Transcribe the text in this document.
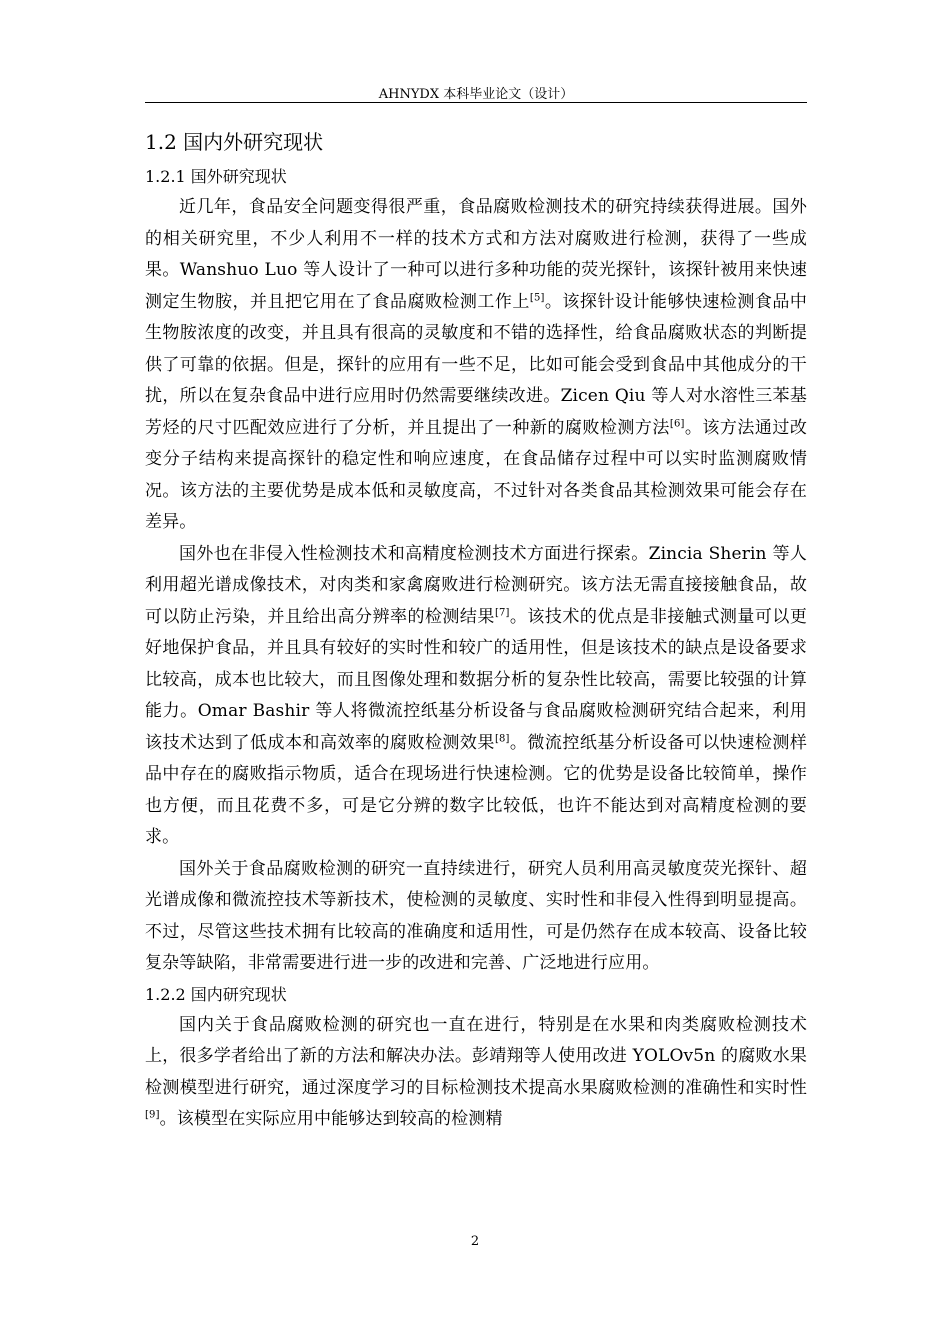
AHNYDX 本科毕业论文（设计）
1.2 国内外研究现状
1.2.1 国外研究现状

近几年，食品安全问题变得很严重，食品腐败检测技术的研究持续获得进展。国外的相关研究里，不少人利用不一样的技术方式和方法对腐败进行检测，获得了一些成果。Wanshuo Luo 等人设计了一种可以进行多种功能的荧光探针，该探针被用来快速测定生物胺，并且把它用在了食品腐败检测工作上[5]。该探针设计能够快速检测食品中生物胺浓度的改变，并且具有很高的灵敏度和不错的选择性，给食品腐败状态的判断提供了可靠的依据。但是，探针的应用有一些不足，比如可能会受到食品中其他成分的干扰，所以在复杂食品中进行应用时仍然需要继续改进。Zicen Qiu 等人对水溶性三苯基芳烃的尺寸匹配效应进行了分析，并且提出了一种新的腐败检测方法[6]。该方法通过改变分子结构来提高探针的稳定性和响应速度，在食品储存过程中可以实时监测腐败情况。该方法的主要优势是成本低和灵敏度高，不过针对各类食品其检测效果可能会存在差异。

国外也在非侵入性检测技术和高精度检测技术方面进行探索。Zincia Sherin 等人利用超光谱成像技术，对肉类和家禽腐败进行检测研究。该方法无需直接接触食品，故可以防止污染，并且给出高分辨率的检测结果[7]。该技术的优点是非接触式测量可以更好地保护食品，并且具有较好的实时性和较广的适用性，但是该技术的缺点是设备要求比较高，成本也比较大，而且图像处理和数据分析的复杂性比较高，需要比较强的计算能力。Omar Bashir 等人将微流控纸基分析设备与食品腐败检测研究结合起来，利用该技术达到了低成本和高效率的腐败检测效果[8]。微流控纸基分析设备可以快速检测样品中存在的腐败指示物质，适合在现场进行快速检测。它的优势是设备比较简单，操作也方便，而且花费不多，可是它分辨的数字比较低，也许不能达到对高精度检测的要求。

国外关于食品腐败检测的研究一直持续进行，研究人员利用高灵敏度荧光探针、超光谱成像和微流控技术等新技术，使检测的灵敏度、实时性和非侵入性得到明显提高。不过，尽管这些技术拥有比较高的准确度和适用性，可是仍然存在成本较高、设备比较复杂等缺陷，非常需要进行进一步的改进和完善、广泛地进行应用。

1.2.2 国内研究现状

国内关于食品腐败检测的研究也一直在进行，特别是在水果和肉类腐败检测技术上，很多学者给出了新的方法和解决办法。彭靖翔等人使用改进 YOLOv5n 的腐败水果检测模型进行研究，通过深度学习的目标检测技术提高水果腐败检测的准确性和实时性[9]。该模型在实际应用中能够达到较高的检测精

2
